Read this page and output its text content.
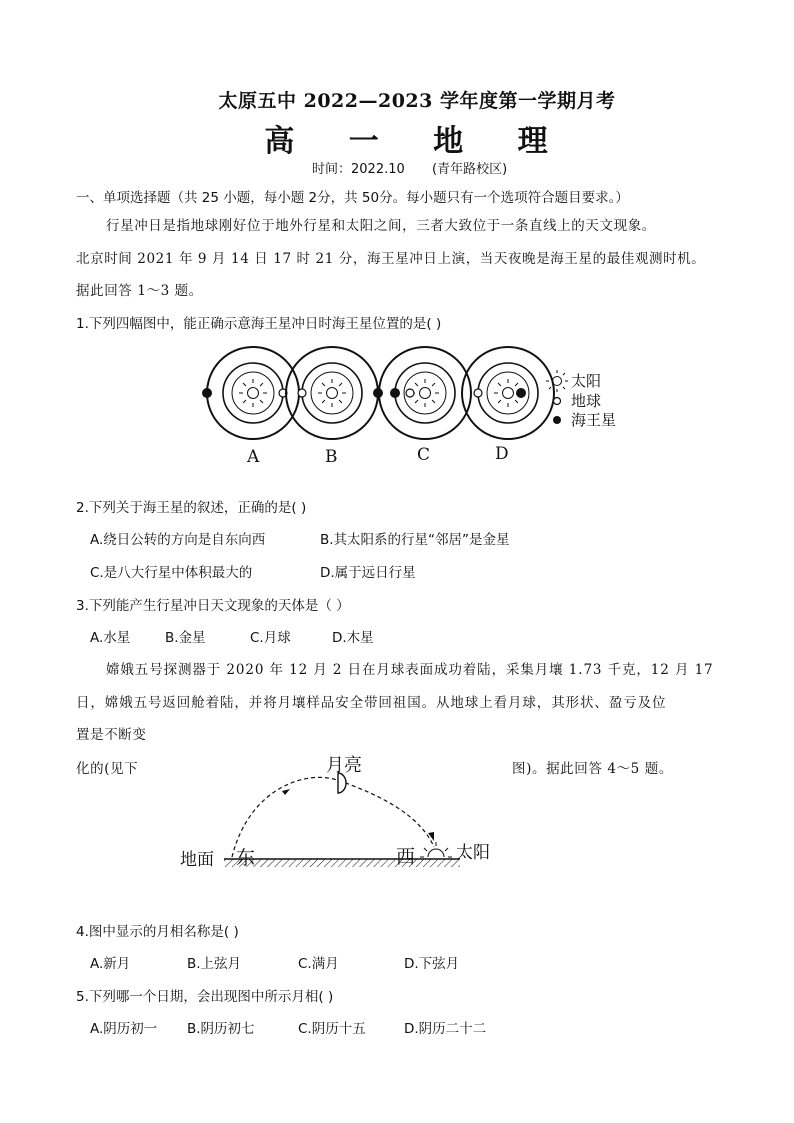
太原五中 2022—2023 学年度第一学期月考
高 一 地 理
时间：2022.10 (青年路校区)
一、单项选择题（共 25 小题，每小题 2分，共 50分。每小题只有一个选项符合题目要求。）
行星冲日是指地球刚好位于地外行星和太阳之间，三者大致位于一条直线上的天文现象。
北京时间 2021 年 9 月 14 日 17 时 21 分，海王星冲日上演，当天夜晚是海王星的最佳观测时机。
据此回答 1～3 题。
1.下列四幅图中，能正确示意海王星冲日时海王星位置的是( )
太阳
地球
海王星
A	B	C	D
2.下列关于海王星的叙述，正确的是( )
A.绕日公转的方向是自东向西	B.其太阳系的行星“邻居”是金星
C.是八大行星中体积最大的	D.属于远日行星
3.下列能产生行星冲日天文现象的天体是（ ）
A.水星	B.金星	C.月球	D.木星
嫦娥五号探测器于 2020 年 12 月 2 日在月球表面成功着陆，采集月壤 1.73 千克，12 月 17
日，嫦娥五号返回舱着陆，并将月壤样品安全带回祖国。从地球上看月球，其形状、盈亏及位
置是不断变
化的(见下	图)。据此回答 4～5 题。
月亮
地面 东	西 太阳
4.图中显示的月相名称是( )
A.新月	B.上弦月	C.满月	D.下弦月
5.下列哪一个日期，会出现图中所示月相( )
A.阴历初一 B.阴历初七	C.阴历十五	D.阴历二十二
